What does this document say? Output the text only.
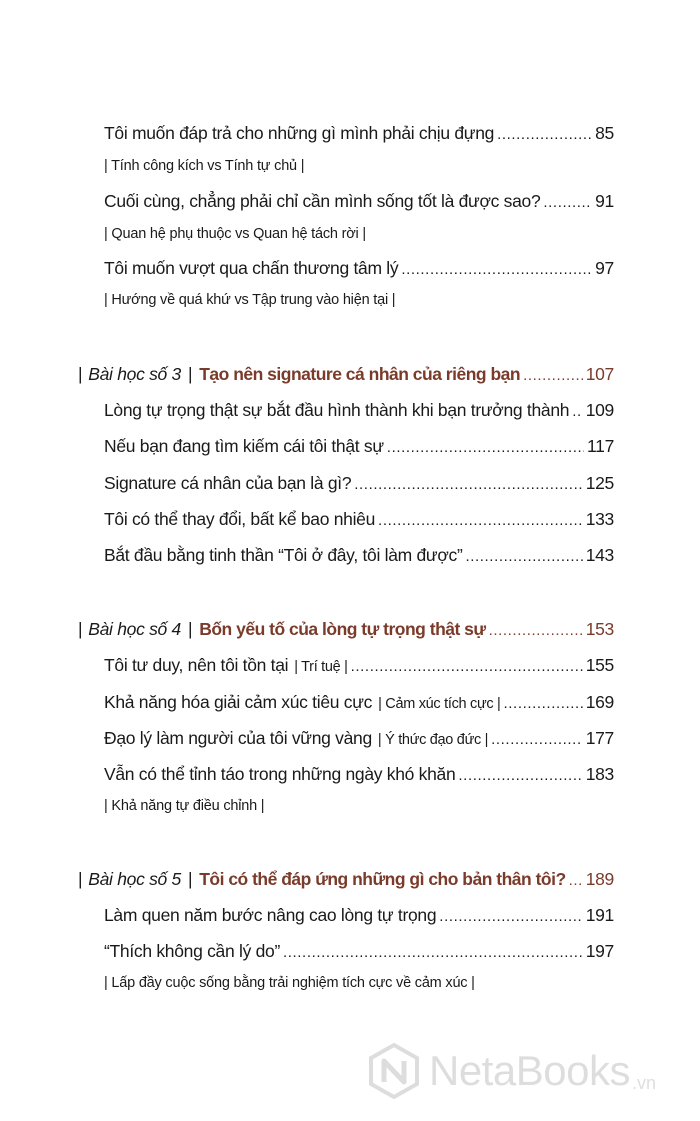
Tôi muốn đáp trả cho những gì mình phải chịu đựng .....	85
| Tính công kích vs Tính tự chủ |
Cuối cùng, chẳng phải chỉ cần mình sống tốt là được sao? .....	91
| Quan hệ phụ thuộc vs Quan hệ tách rời |
Tôi muốn vượt qua chấn thương tâm lý .....	97
| Hướng về quá khứ vs Tập trung vào hiện tại |
| Bài học số 3 | Tạo nên signature cá nhân của riêng bạn .....	107
Lòng tự trọng thật sự bắt đầu hình thành khi bạn trưởng thành ..... 109
Nếu bạn đang tìm kiếm cái tôi thật sự .....	117
Signature cá nhân của bạn là gì? .....	125
Tôi có thể thay đổi, bất kể bao nhiêu .....	133
Bắt đầu bằng tinh thần “Tôi ở đây, tôi làm được” .....	143
| Bài học số 4 | Bốn yếu tố của lòng tự trọng thật sự .....	153
Tôi tư duy, nên tôi tồn tại | Trí tuệ | .....	155
Khả năng hóa giải cảm xúc tiêu cực | Cảm xúc tích cực | .....	169
Đạo lý làm người của tôi vững vàng | Ý thức đạo đức | .....	177
Vẫn có thể tỉnh táo trong những ngày khó khăn .....	183
| Khả năng tự điều chỉnh |
| Bài học số 5 | Tôi có thể đáp ứng những gì cho bản thân tôi? ..... 189
Làm quen năm bước nâng cao lòng tự trọng .....	191
“Thích không cần lý do” .....	197
| Lấp đầy cuộc sống bằng trải nghiệm tích cực về cảm xúc |
NetaBooks .vn
